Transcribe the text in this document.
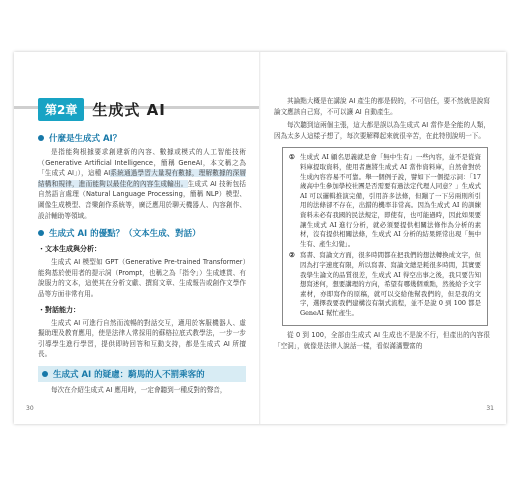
第2章	生成式 AI
什麼是生成式 AI？

是指能夠根據要求創建新的內容、數據或模式的人工智能技術（Generative Artificial Intelligence，簡稱 GeneAI，本文稱之為「生成式 AI」），這種 AI系統通過學習大量現有數據，理解數據的深層結構和規律，進而能夠以最佳化的內容生成輸出。生成式 AI 技術包括自然語言處理（Natural Language Processing，簡稱 NLP）模型、圖像生成模型、音樂創作系統等，廣泛應用於聊天機器人、內容創作、設計輔助等領域。

生成式 AI 的優點？（文本生成、對話）
・文本生成與分析：

生成式 AI 模型如 GPT（Generative Pre-trained Transformer）能夠基於使用者的提示詞（Prompt，也稱之為「指令」）生成連貫、有說服力的文本，這使其在分析文獻、撰寫文章、生成報告或創作文學作品等方面非常有用。

・對話能力：

生成式 AI 可進行自然而流暢的對話交互，適用於客服機器人、虛擬助理及教育應用，使是法律人常採用的蘇格拉底式教學法，一步一步引導學生進行學習，提供即時回答和互動支持，都是生成式 AI 所擅長。

生成式 AI 的疑慮：騎馬的人不罰乘客的

每次在介紹生成式 AI 應用時，一定會聽到一種反對的聲音，

其論點大概是在講說 AI 產生的都是假的，不可信任，要不然就是說寫論文應該自己寫，不可以讓 AI 自動產生。

每次聽到這兩個主張，這大都是誤以為生成式 AI 當作是全能的人類，因為太多人這樣子想了，每次要解釋起來就很辛苦，在此特別說明一下。

① 生成式 AI 顧名思義就是會「無中生有」一些內容，並不是從資料庫提取資料，使用者應將生成式 AI 當作資料庫，自然會對於生成內容容易不可靠。舉一個例子說，譬如下一個提示詞：「17 歲高中生參加學校社團是否需要有過法定代理人同意？」生成式 AI 可以邏輯推演完備，引用許多法條，但蹦了一下另兩則所引用的法條卻不存在，出錯的機率非常高。因為生成式 AI 的訓練資料未必有我國的民法規定，即使有，也可能過時，因此如果要讓生成式 AI 進行分析，就必須要提供相關法條作為分析的素材，沒有提供相關法條，生成式 AI 分析的結果經常出現「無中生有、產生幻覺」。
② 寫書、寫論文方面，很多時間都在把我們的想法轉換成文字，但因為打字速度有限，所以寫書、寫論文總是耗很多時間，其實要我學生論文的品質很差，生成式 AI 得空出事之後，我只要告知想寫述何，想要講理的方向，希望有哪幾個重點，然後給予文字素材，亦即寫作的原稿，就可以交給他幫我們的，但是我的文字，選擇我要我們建構沒有制式流程，並不是說 0 到 100 都是 GeneAI 幫忙產生。

從 0 到 100，全部由生成式 AI 生成也不是說不行，但產出的內容很「空洞」，就像是法律人說話一樣，看似滿滿豐富的

30	31
